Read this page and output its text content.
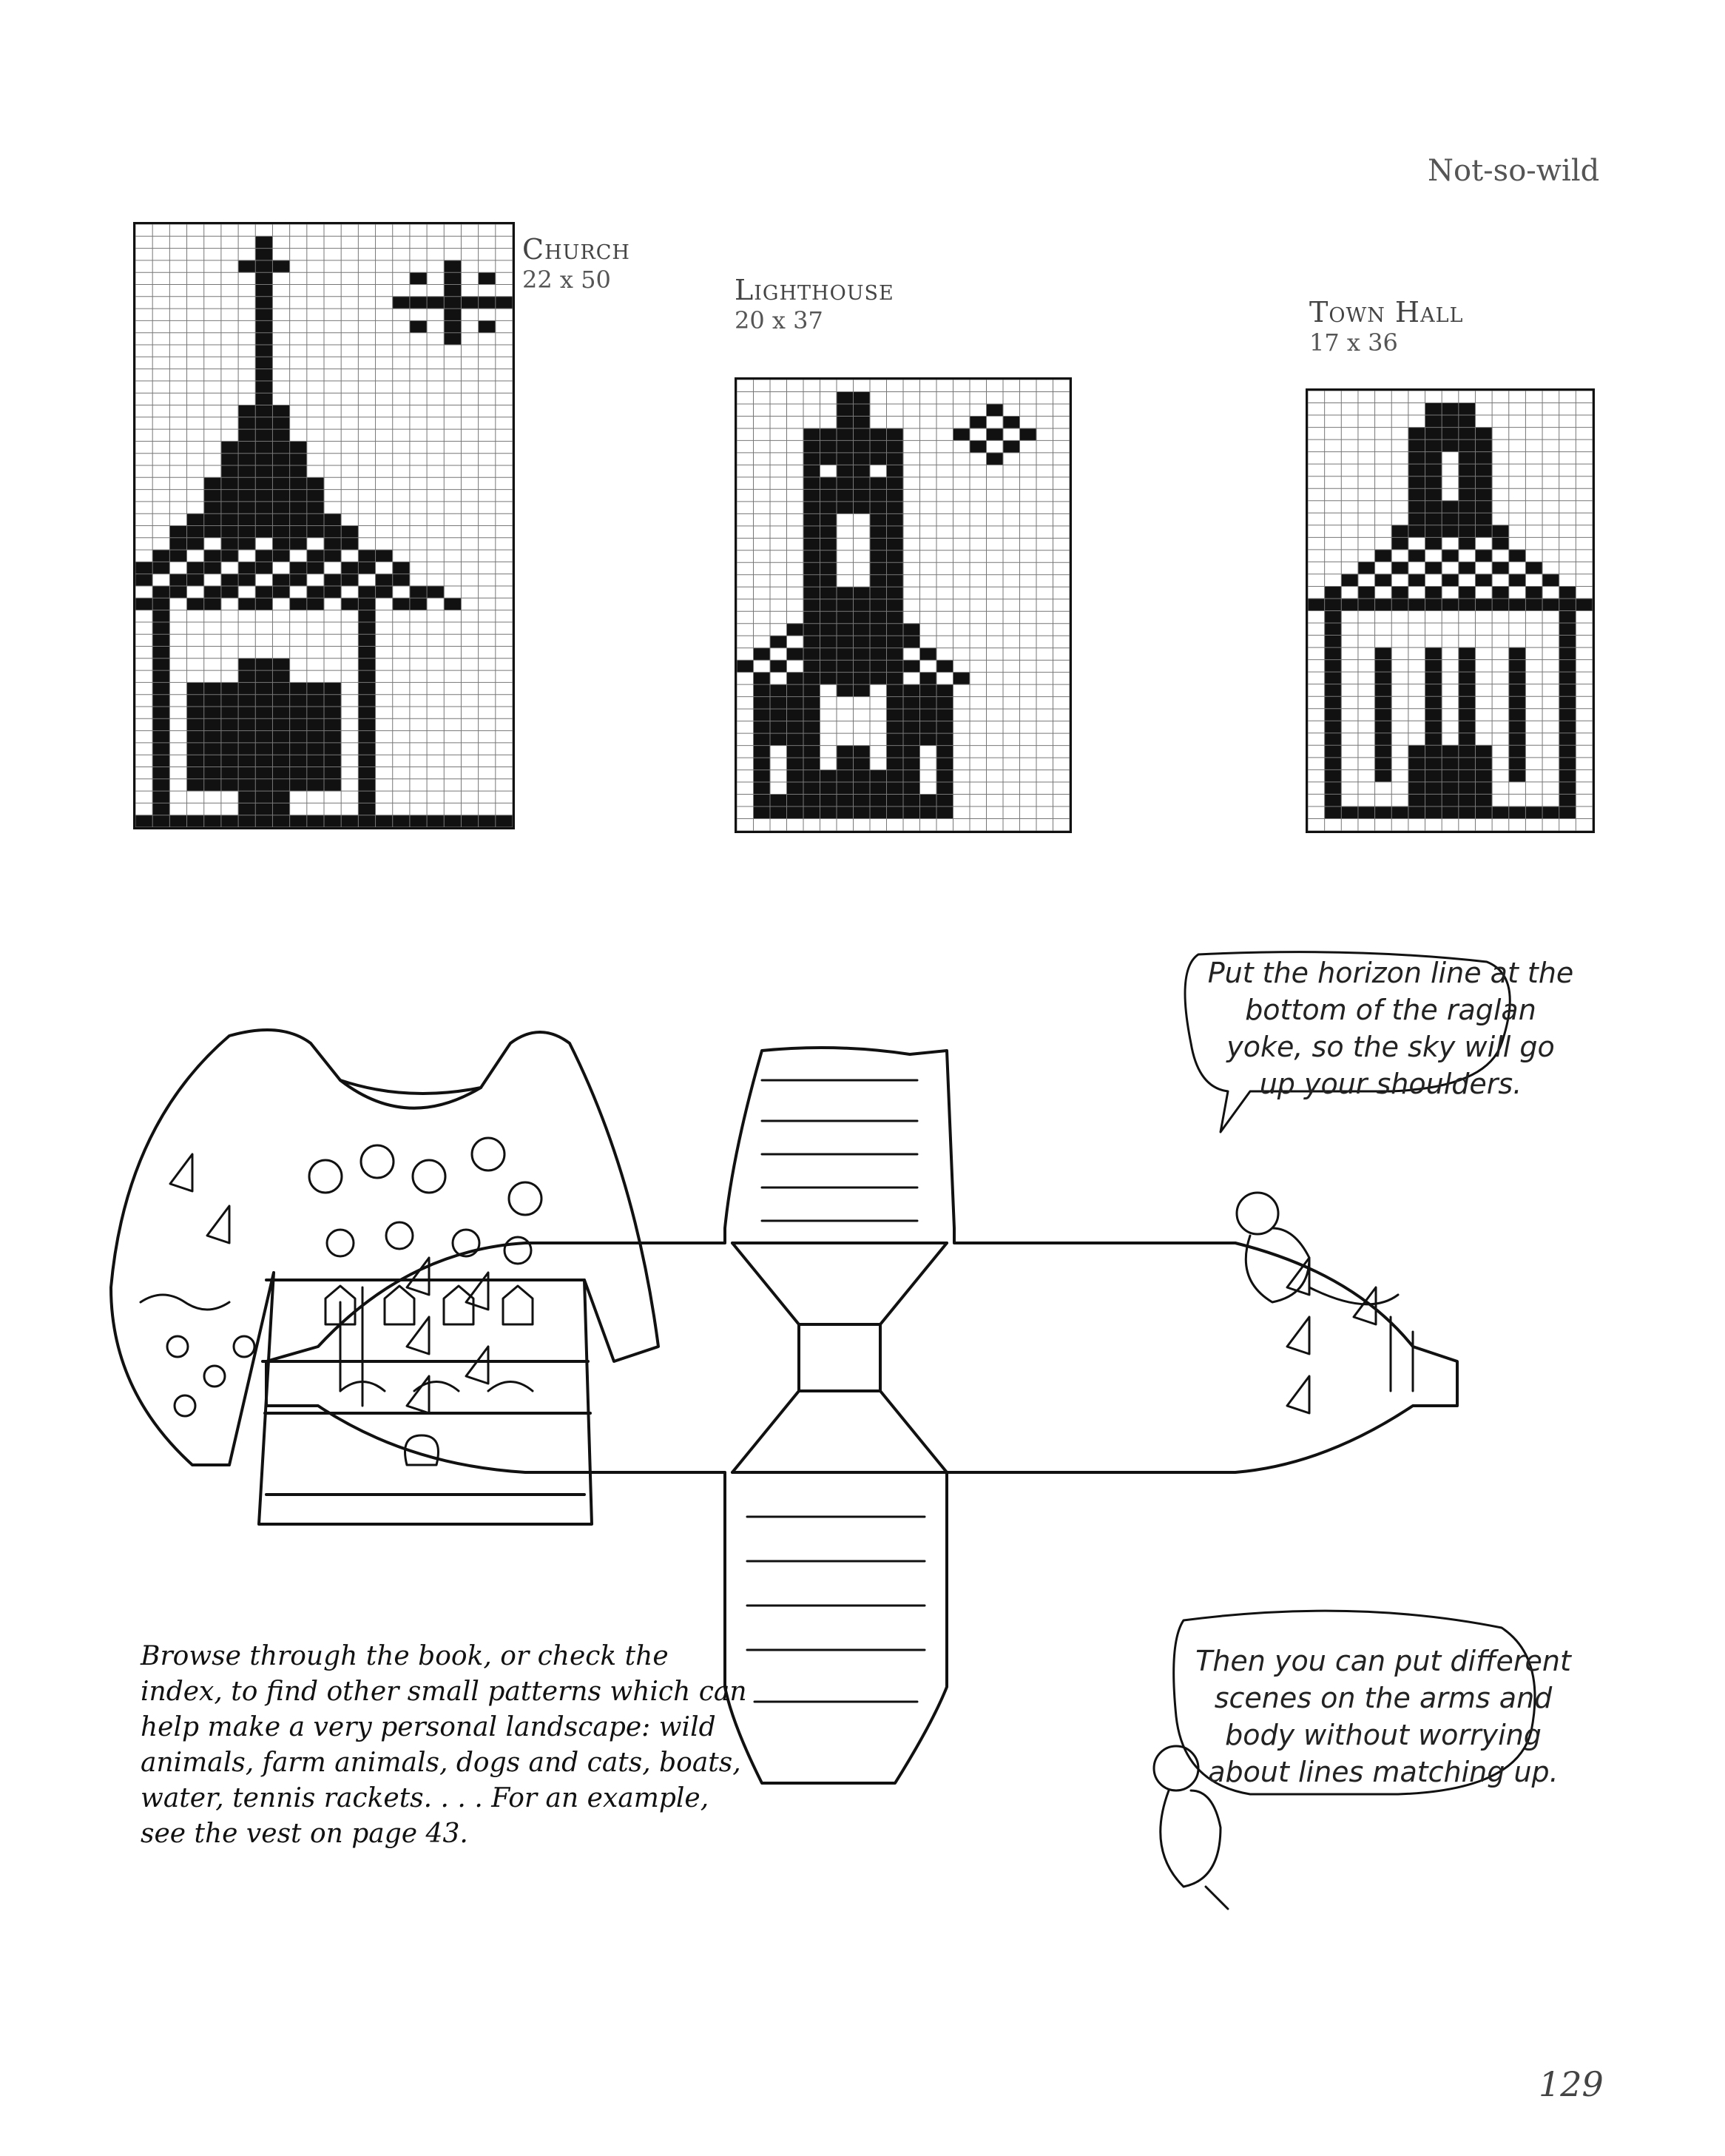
Not-so-wild
Church
22 x 50	Lighthouse
20 x 37	Town Hall
17 x 36
Put the horizon line at the bottom of the raglan yoke, so the sky will go up your shoulders.
Then you can put different scenes on the arms and body without worrying about lines matching up.
Browse through the book, or check the index, to find other small patterns which can help make a very personal landscape: wild animals, farm animals, dogs and cats, boats, water, tennis rackets. . . . For an example, see the vest on page 43.
129
